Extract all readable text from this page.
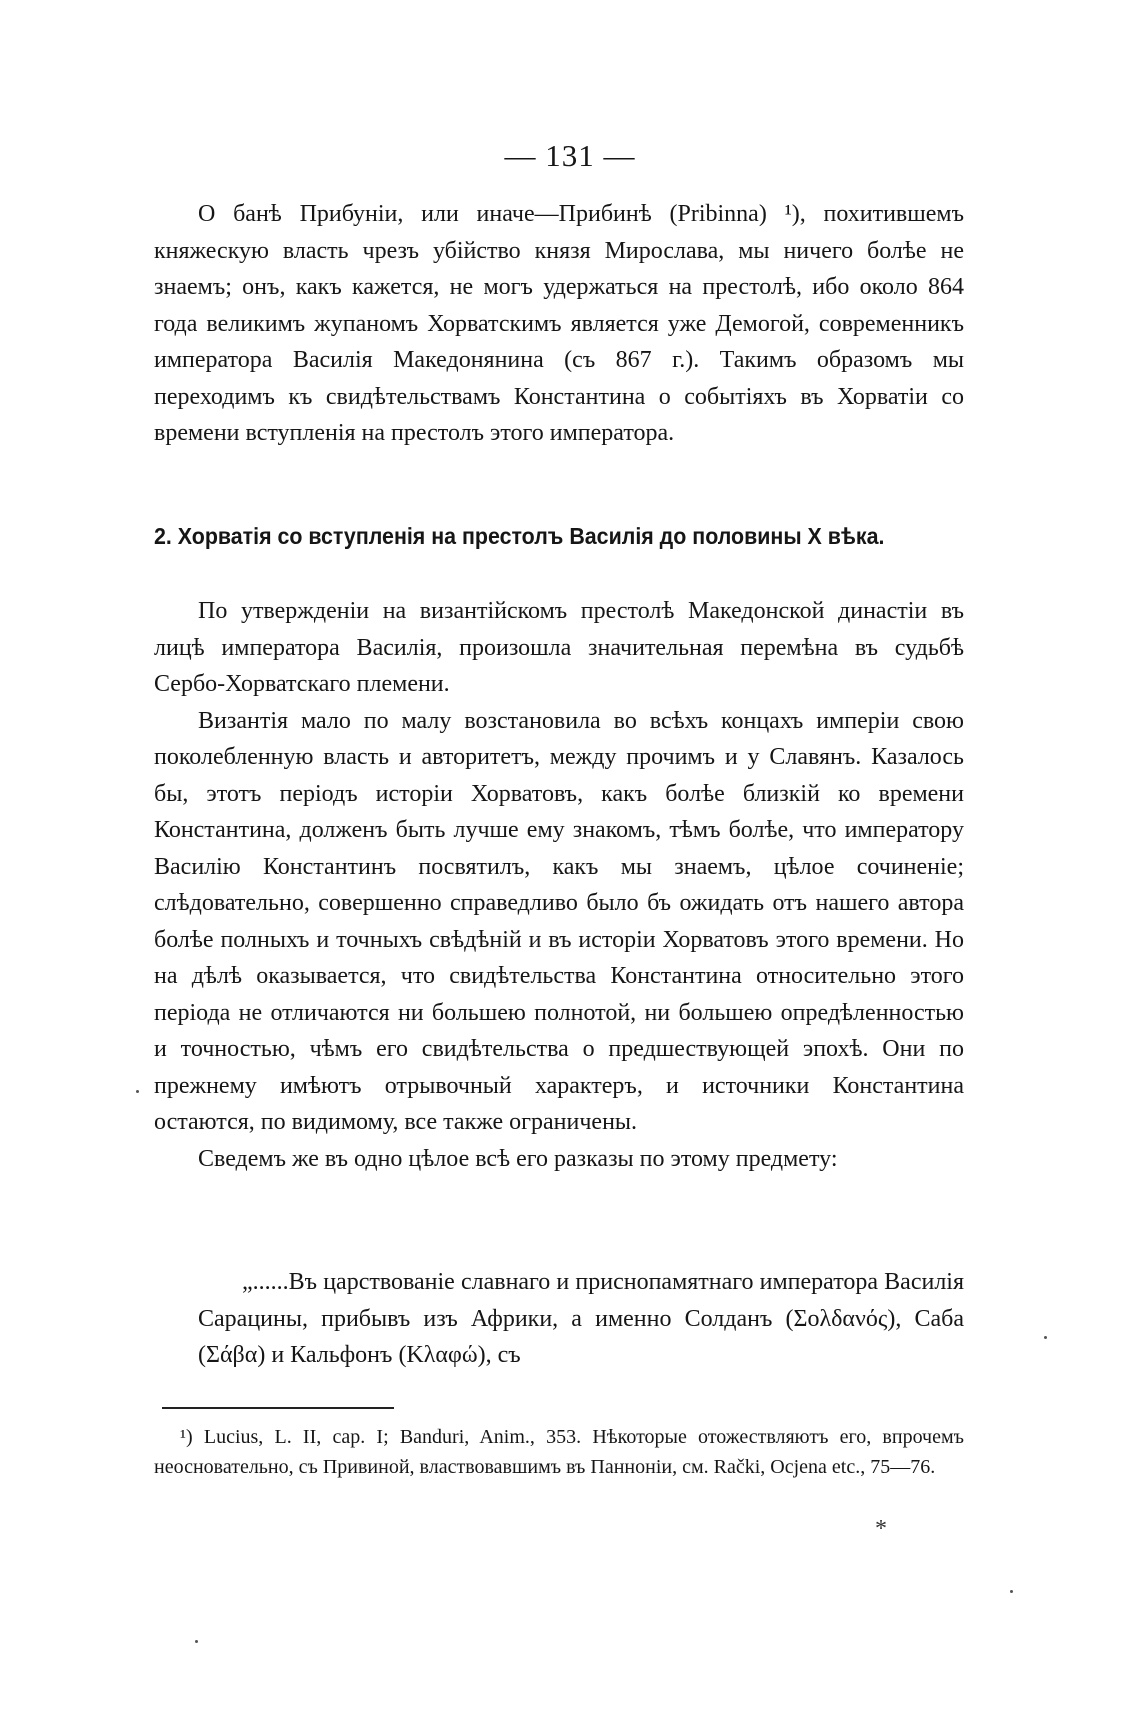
— 131 —

О банѣ Прибуніи, или иначе—Прибинѣ (Pribinna) ¹), похитившемъ княжескую власть чрезъ убійство князя Мирослава, мы ничего болѣе не знаемъ; онъ, какъ кажется, не могъ удержаться на престолѣ, ибо около 864 года великимъ жупаномъ Хорватскимъ является уже Демогой, современникъ императора Василія Македонянина (съ 867 г.). Такимъ образомъ мы переходимъ къ свидѣтельствамъ Константина о событіяхъ въ Хорватіи со времени вступленія на престолъ этого императора.

2. Хорватія со вступленія на престолъ Василія до половины X вѣка.

По утвержденіи на византійскомъ престолѣ Македонской династіи въ лицѣ императора Василія, произошла значительная перемѣна въ судьбѣ Сербо-Хорватскаго племени.

Византія мало по малу возстановила во всѣхъ концахъ имперіи свою поколебленную власть и авторитетъ, между прочимъ и у Славянъ. Казалось бы, этотъ періодъ исторіи Хорватовъ, какъ болѣе близкій ко времени Константина, долженъ быть лучше ему знакомъ, тѣмъ болѣе, что императору Василію Константинъ посвятилъ, какъ мы знаемъ, цѣлое сочиненіе; слѣдовательно, совершенно справедливо было бъ ожидать отъ нашего автора болѣе полныхъ и точныхъ свѣдѣній и въ исторіи Хорватовъ этого времени. Но на дѣлѣ оказывается, что свидѣтельства Константина относительно этого періода не отличаются ни большею полнотой, ни большею опредѣленностью и точностью, чѣмъ его свидѣтельства о предшествующей эпохѣ. Они по прежнему имѣютъ отрывочный характеръ, и источники Константина остаются, по видимому, все также ограничены.

Сведемъ же въ одно цѣлое всѣ его разказы по этому предмету:

„......Въ царствованіе славнаго и приснопамятнаго императора Василія Сарацины, прибывъ изъ Африки, а именно Солданъ (Σολδανός), Саба (Σάβα) и Кальфонъ (Κλαφώ), съ

¹) Lucius, L. II, cap. I; Banduri, Anim., 353. Нѣкоторые отожествляютъ его, впрочемъ неосновательно, съ Привиной, властвовавшимъ въ Панноніи, см. Rački, Ocjena etc., 75—76.

*
